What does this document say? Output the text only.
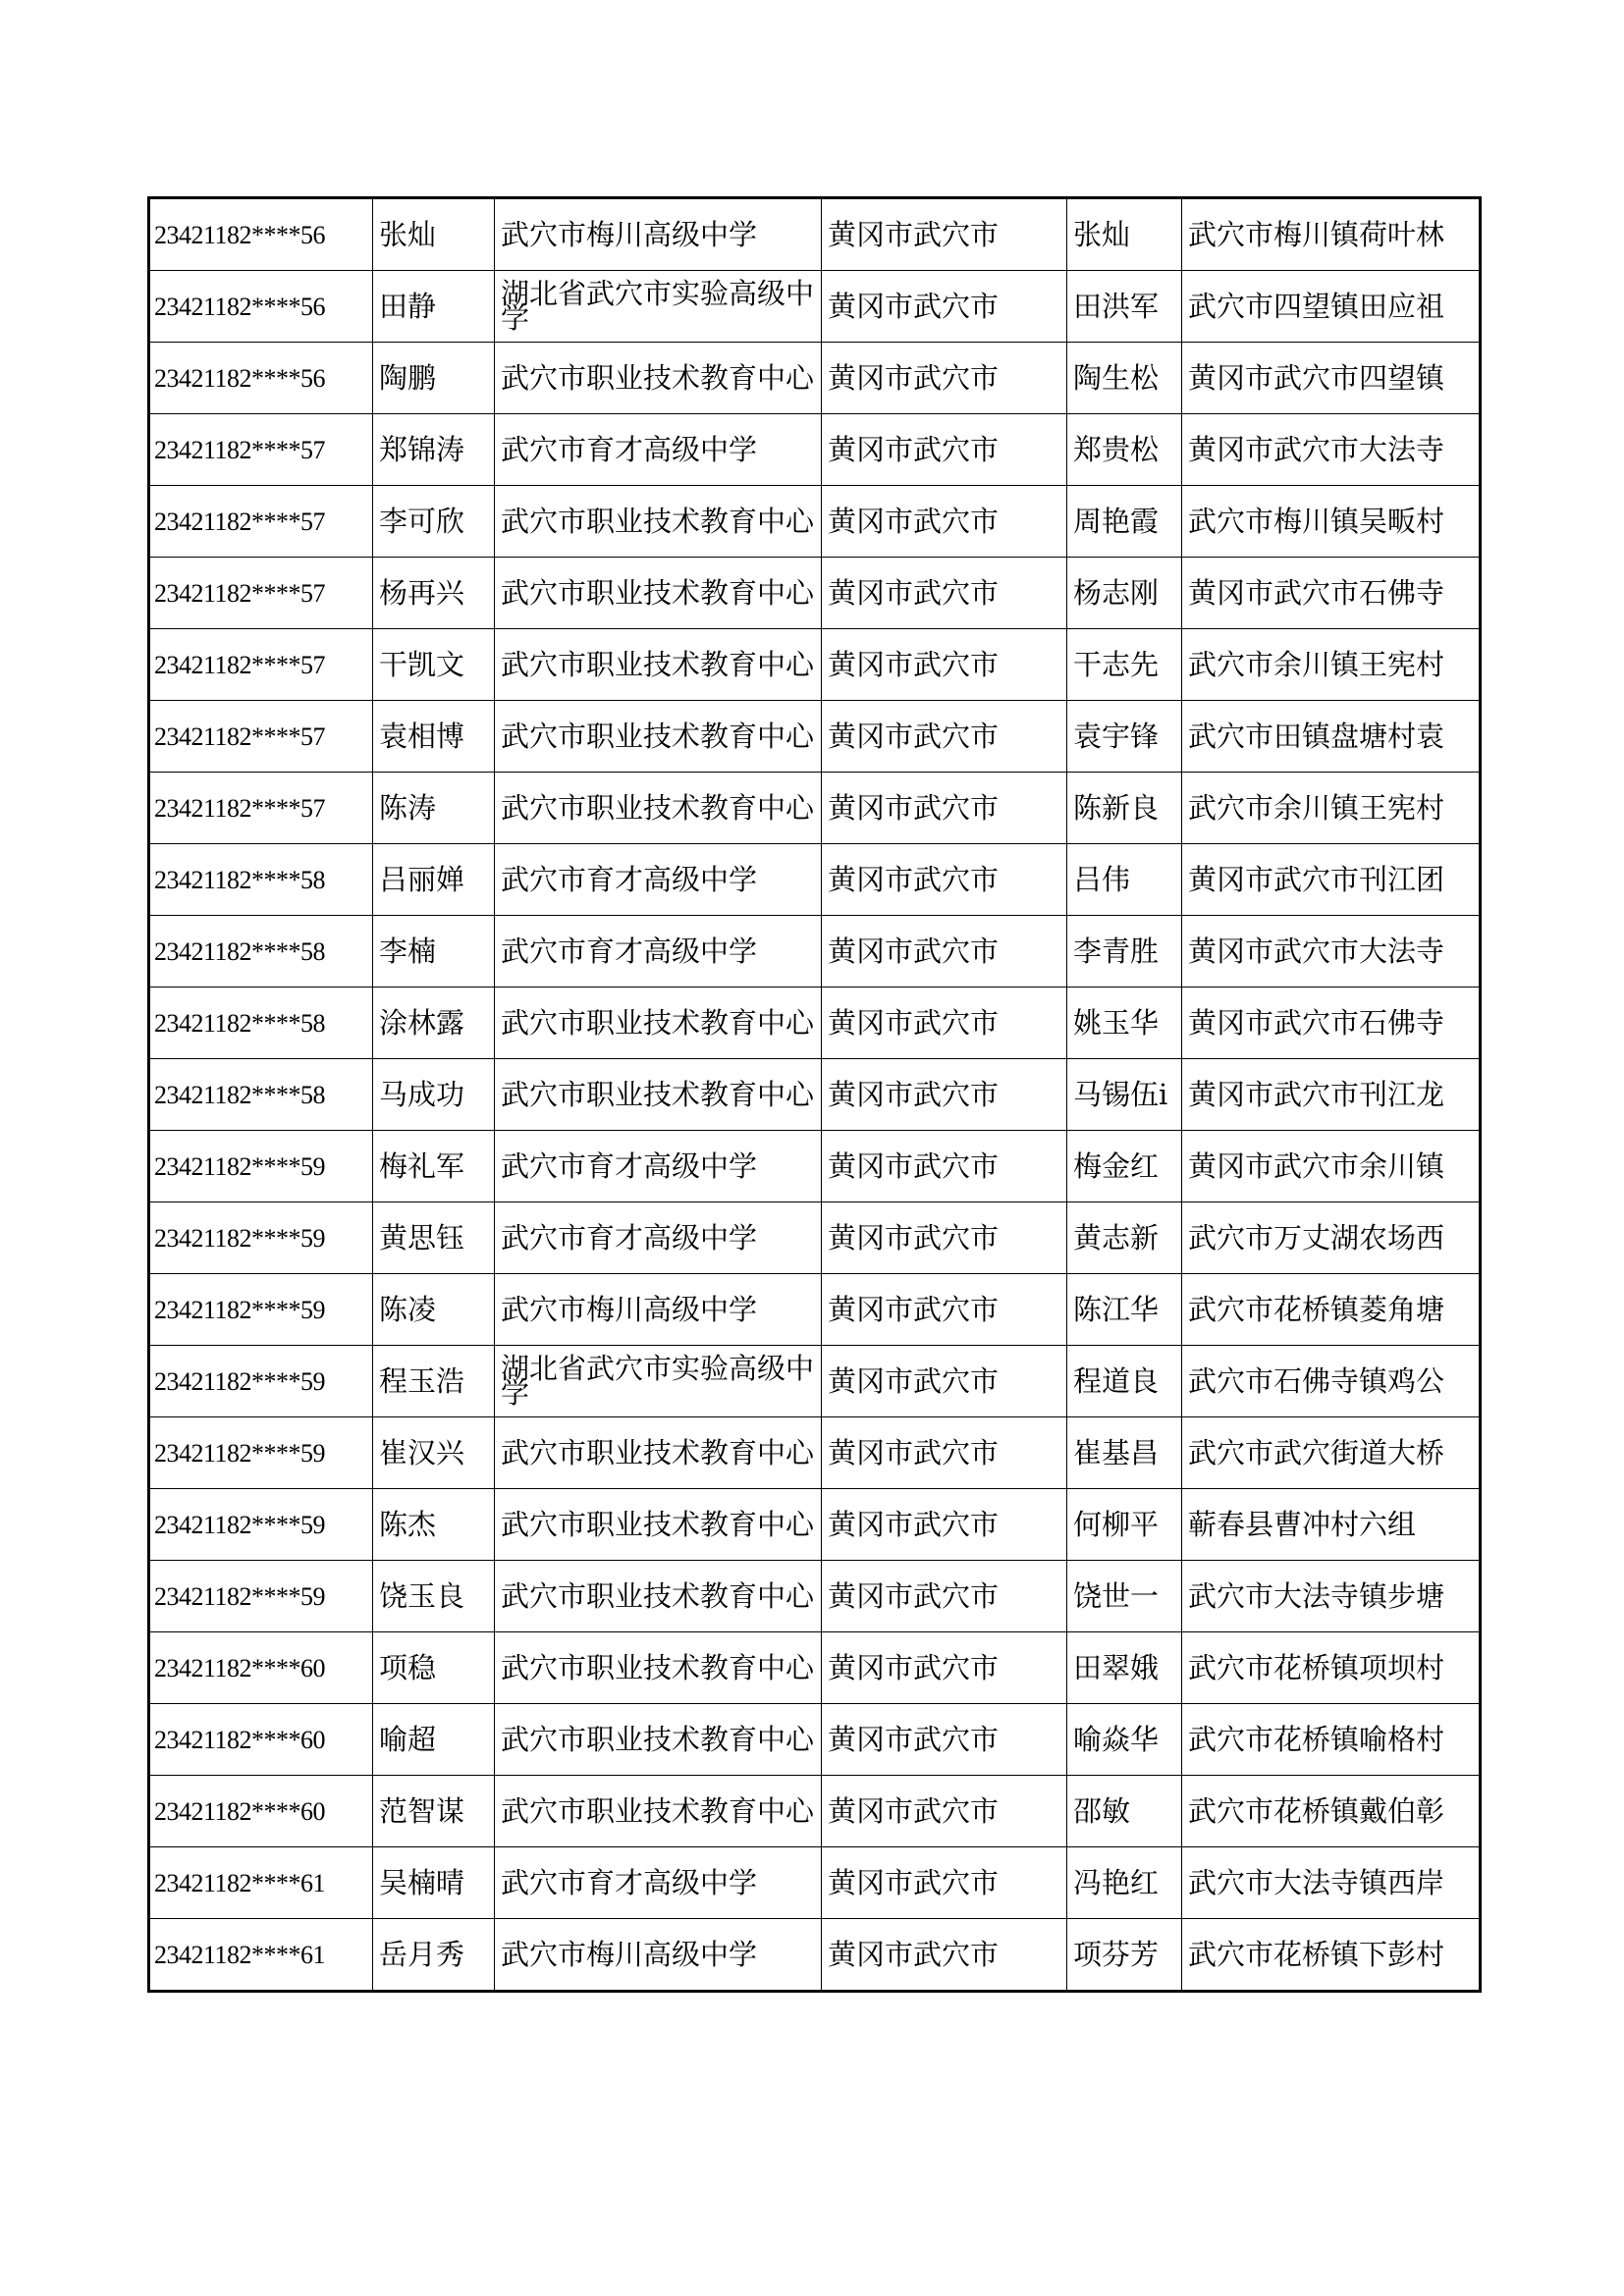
23421182****56	张灿	武穴市梅川高级中学	黄冈市武穴市	张灿	武穴市梅川镇荷叶林
23421182****56	田静	湖北省武穴市实验高级中学	黄冈市武穴市	田洪军	武穴市四望镇田应祖
23421182****56	陶鹏	武穴市职业技术教育中心	黄冈市武穴市	陶生松	黄冈市武穴市四望镇
23421182****57	郑锦涛	武穴市育才高级中学	黄冈市武穴市	郑贵松	黄冈市武穴市大法寺
23421182****57	李可欣	武穴市职业技术教育中心	黄冈市武穴市	周艳霞	武穴市梅川镇吴畈村
23421182****57	杨再兴	武穴市职业技术教育中心	黄冈市武穴市	杨志刚	黄冈市武穴市石佛寺
23421182****57	干凯文	武穴市职业技术教育中心	黄冈市武穴市	干志先	武穴市余川镇王宪村
23421182****57	袁相博	武穴市职业技术教育中心	黄冈市武穴市	袁宇锋	武穴市田镇盘塘村袁
23421182****57	陈涛	武穴市职业技术教育中心	黄冈市武穴市	陈新良	武穴市余川镇王宪村
23421182****58	吕丽婵	武穴市育才高级中学	黄冈市武穴市	吕伟	黄冈市武穴市刊江团
23421182****58	李楠	武穴市育才高级中学	黄冈市武穴市	李青胜	黄冈市武穴市大法寺
23421182****58	涂林露	武穴市职业技术教育中心	黄冈市武穴市	姚玉华	黄冈市武穴市石佛寺
23421182****58	马成功	武穴市职业技术教育中心	黄冈市武穴市	马锡伍i	黄冈市武穴市刊江龙
23421182****59	梅礼军	武穴市育才高级中学	黄冈市武穴市	梅金红	黄冈市武穴市余川镇
23421182****59	黄思钰	武穴市育才高级中学	黄冈市武穴市	黄志新	武穴市万丈湖农场西
23421182****59	陈凌	武穴市梅川高级中学	黄冈市武穴市	陈江华	武穴市花桥镇菱角塘
23421182****59	程玉浩	湖北省武穴市实验高级中学	黄冈市武穴市	程道良	武穴市石佛寺镇鸡公
23421182****59	崔汉兴	武穴市职业技术教育中心	黄冈市武穴市	崔基昌	武穴市武穴街道大桥
23421182****59	陈杰	武穴市职业技术教育中心	黄冈市武穴市	何柳平	蕲春县曹冲村六组
23421182****59	饶玉良	武穴市职业技术教育中心	黄冈市武穴市	饶世一	武穴市大法寺镇步塘
23421182****60	项稳	武穴市职业技术教育中心	黄冈市武穴市	田翠娥	武穴市花桥镇项坝村
23421182****60	喻超	武穴市职业技术教育中心	黄冈市武穴市	喻焱华	武穴市花桥镇喻格村
23421182****60	范智谋	武穴市职业技术教育中心	黄冈市武穴市	邵敏	武穴市花桥镇戴伯彰
23421182****61	吴楠晴	武穴市育才高级中学	黄冈市武穴市	冯艳红	武穴市大法寺镇西岸
23421182****61	岳月秀	武穴市梅川高级中学	黄冈市武穴市	项芬芳	武穴市花桥镇下彭村
